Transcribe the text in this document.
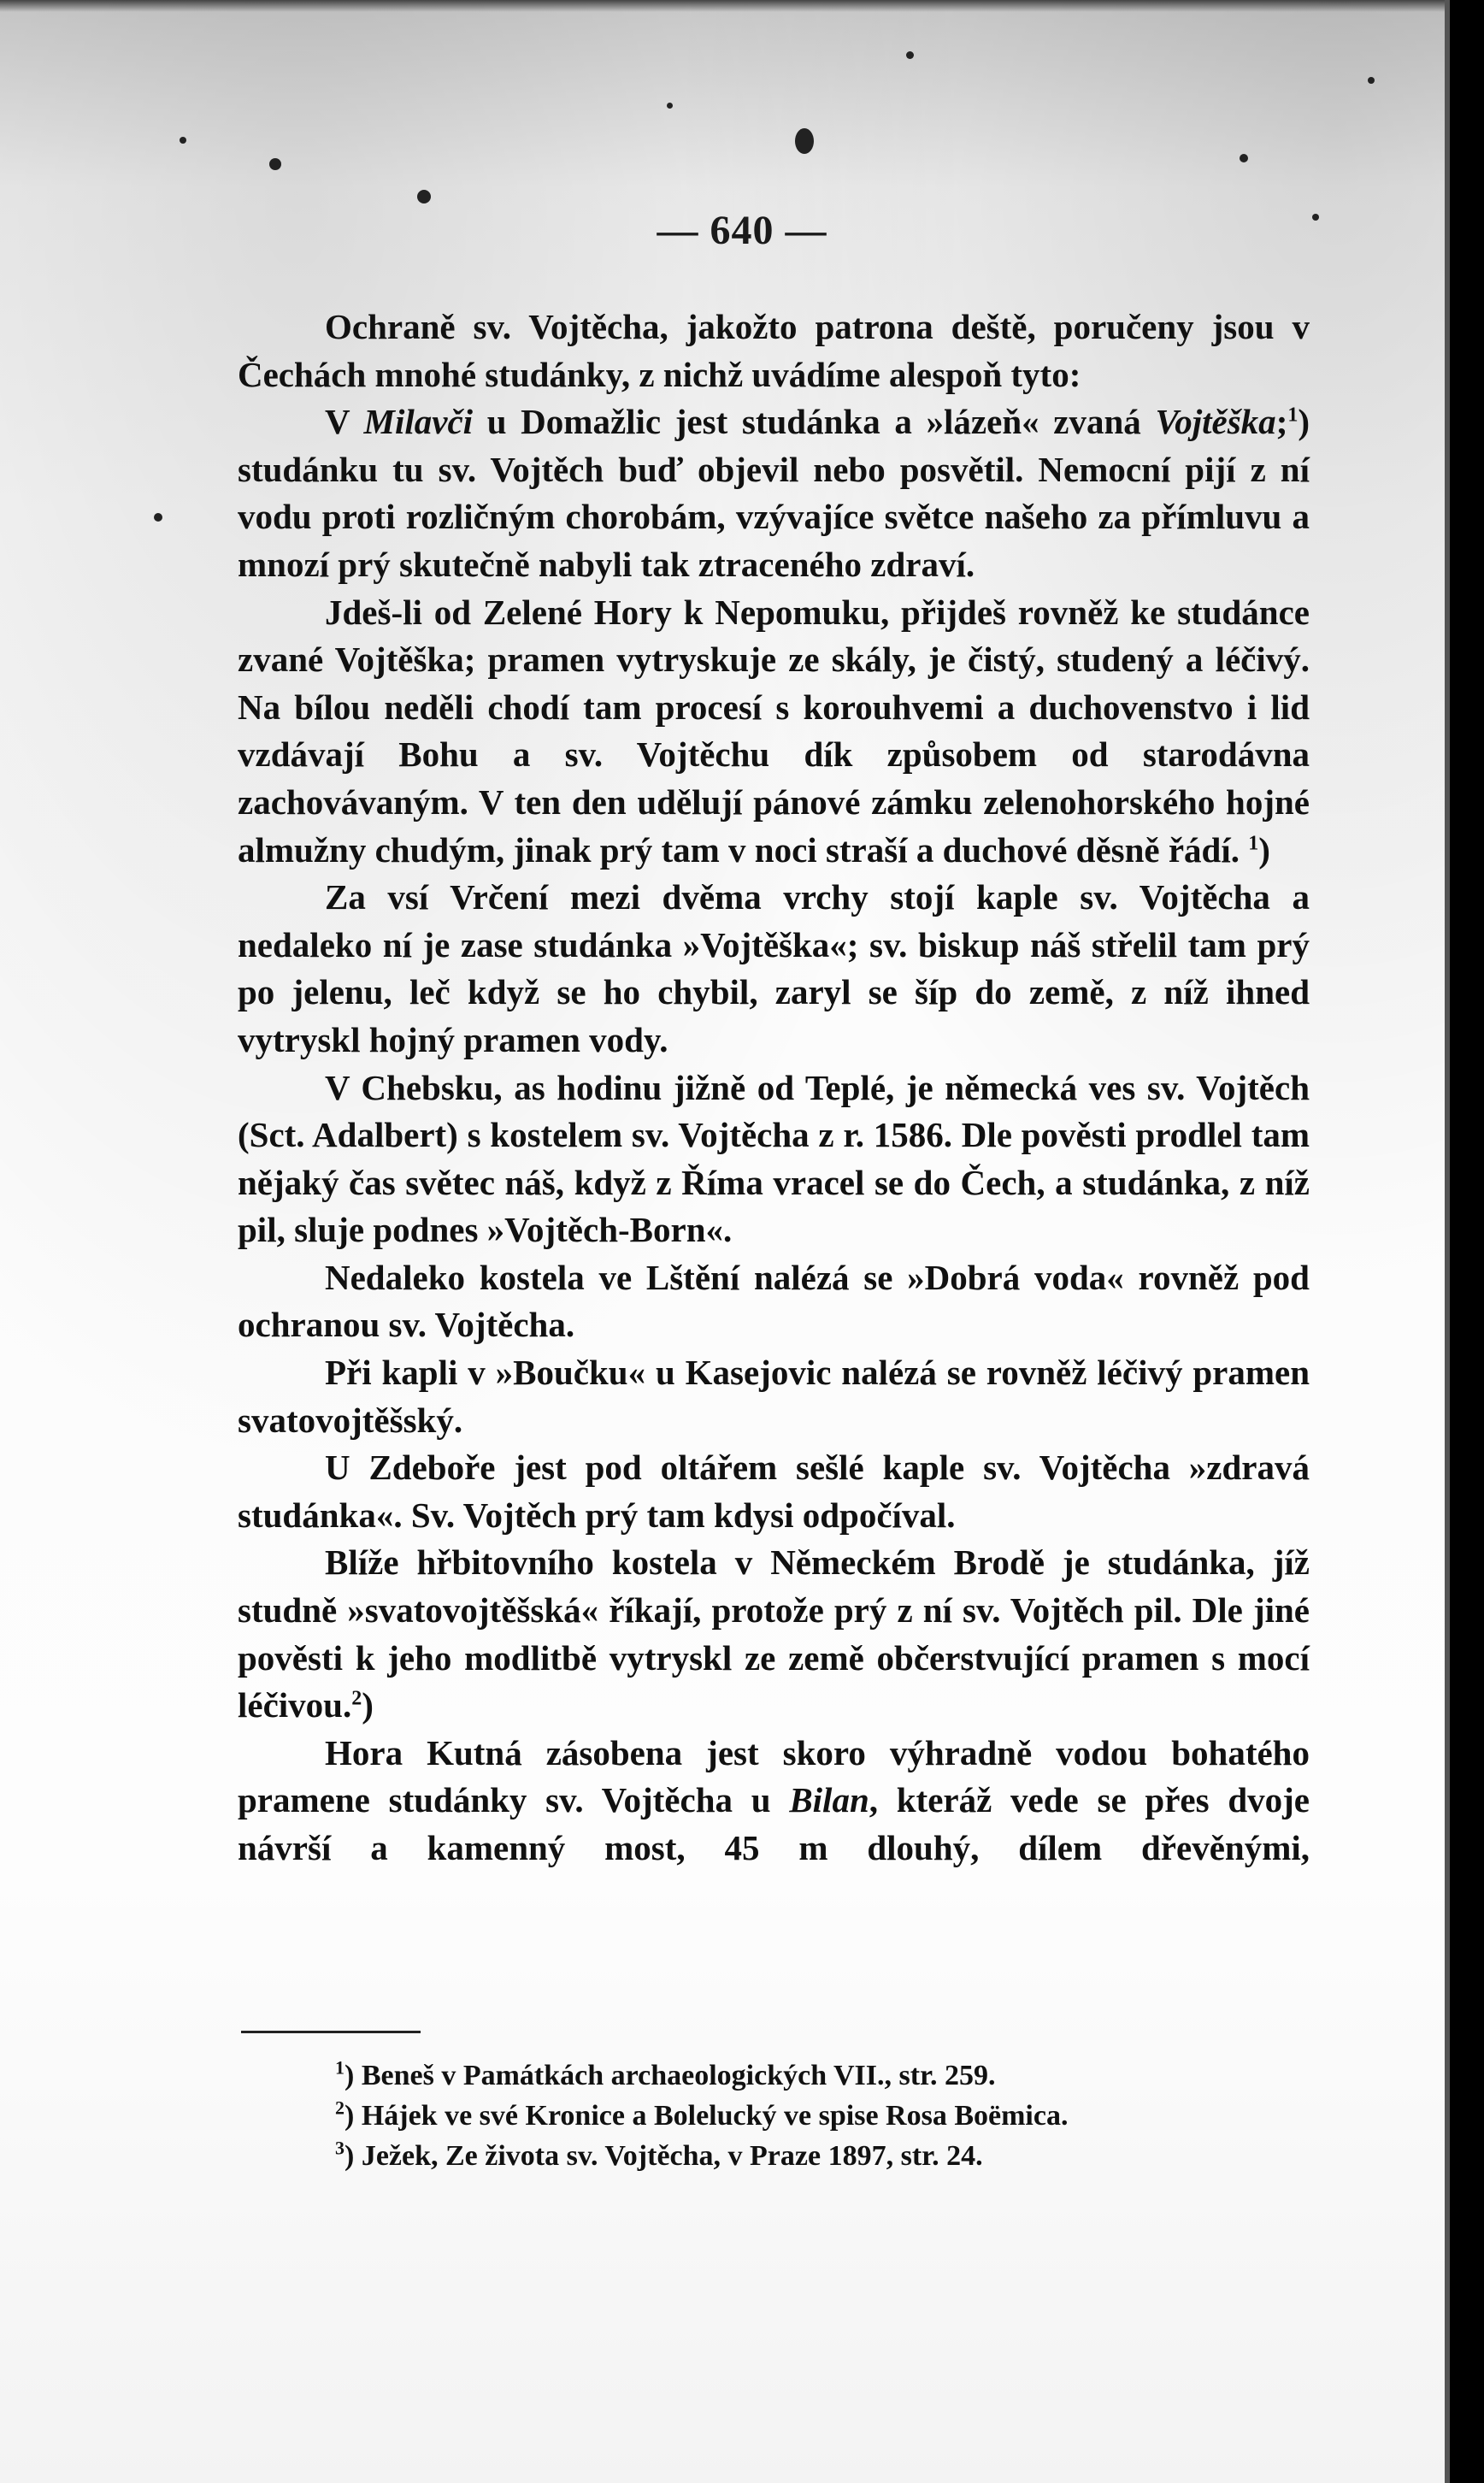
— 640 —

Ochraně sv. Vojtěcha, jakožto patrona deště, poručeny jsou v Čechách mnohé studánky, z nichž uvádíme alespoň tyto:

V Milavči u Domažlic jest studánka a »lázeň« zvaná Vojtěška;$^1$) studánku tu sv. Vojtěch buď objevil nebo posvětil. Nemocní pijí z ní vodu proti rozličným chorobám, vzývajíce světce našeho za přímluvu a mnozí prý skutečně nabyli tak ztraceného zdraví.

Jdeš-li od Zelené Hory k Nepomuku, přijdeš rovněž ke studánce zvané Vojtěška; pramen vytryskuje ze skály, je čistý, studený a léčivý. Na bílou neděli chodí tam procesí s korouhvemi a duchovenstvo i lid vzdávají Bohu a sv. Vojtěchu dík způsobem od starodávna zachovávaným. V ten den udělují pánové zámku zelenohorského hojné almužny chudým, jinak prý tam v noci straší a duchové děsně řádí. $^1$)

Za vsí Vrčení mezi dvěma vrchy stojí kaple sv. Vojtěcha a nedaleko ní je zase studánka »Vojtěška«; sv. biskup náš střelil tam prý po jelenu, leč když se ho chybil, zaryl se šíp do země, z níž ihned vytryskl hojný pramen vody.

V Chebsku, as hodinu jižně od Teplé, je německá ves sv. Vojtěch (Sct. Adalbert) s kostelem sv. Vojtěcha z r. 1586. Dle pověsti prodlel tam nějaký čas světec náš, když z Říma vracel se do Čech, a studánka, z níž pil, sluje podnes »Vojtěch-Born«.

Nedaleko kostela ve Lštění nalézá se »Dobrá voda« rovněž pod ochranou sv. Vojtěcha.

Při kapli v »Boučku« u Kasejovic nalézá se rovněž léčivý pramen svatovojtěšský.

U Zdeboře jest pod oltářem sešlé kaple sv. Vojtěcha »zdravá studánka«. Sv. Vojtěch prý tam kdysi odpočíval.

Blíže hřbitovního kostela v Německém Brodě je studánka, jíž studně »svatovojtěšská« říkají, protože prý z ní sv. Vojtěch pil. Dle jiné pověsti k jeho modlitbě vytryskl ze země občerstvující pramen s mocí léčivou.$^2$)

Hora Kutná zásobena jest skoro výhradně vodou bohatého pramene studánky sv. Vojtěcha u Bilan, kteráž vede se přes dvoje návrší a kamenný most, 45 m dlouhý, dílem dřevěnými,

$^1$) Beneš v Památkách archaeologických VII., str. 259.

$^2$) Hájek ve své Kronice a Bolelucký ve spise Rosa Boëmica.

$^3$) Ježek, Ze života sv. Vojtěcha, v Praze 1897, str. 24.
